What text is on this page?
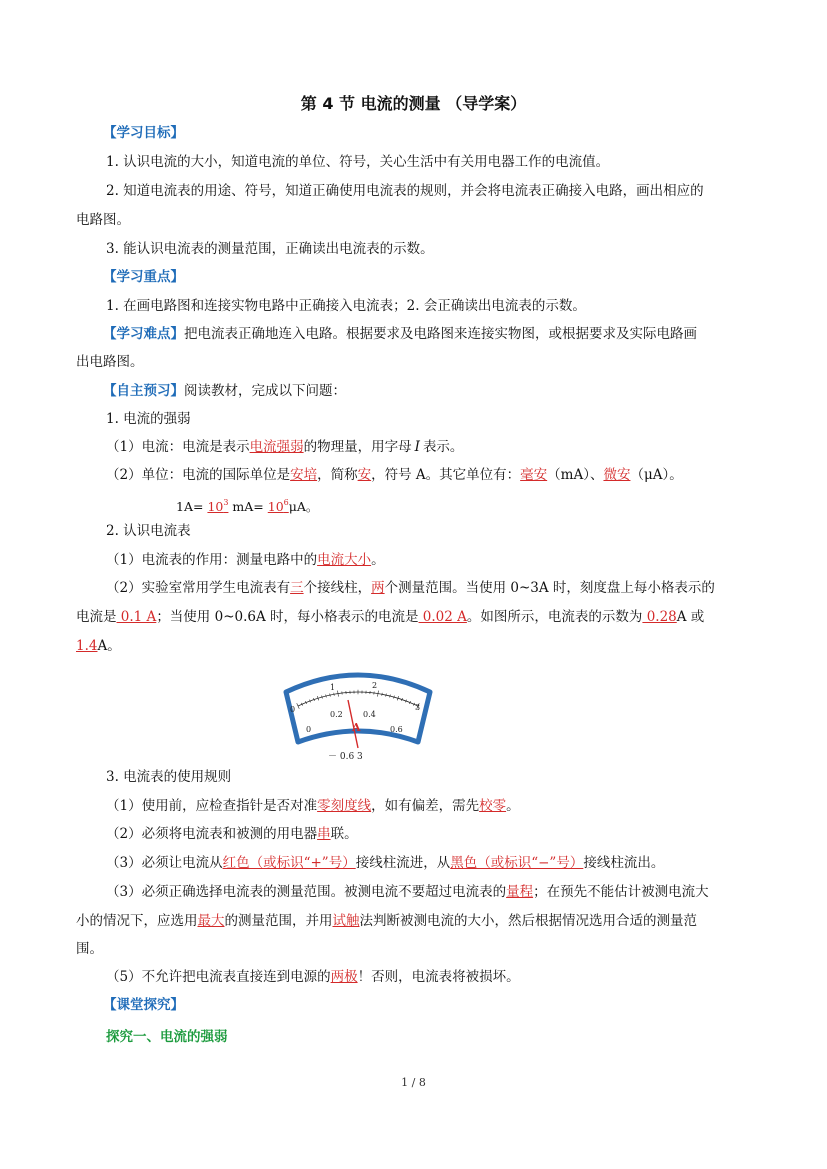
第 4 节 电流的测量 （导学案）
【学习目标】
1. 认识电流的大小，知道电流的单位、符号，关心生活中有关用电器工作的电流值。
2. 知道电流表的用途、符号，知道正确使用电流表的规则，并会将电流表正确接入电路，画出相应的
电路图。
3. 能认识电流表的测量范围，正确读出电流表的示数。
【学习重点】
1. 在画电路图和连接实物电路中正确接入电流表；2. 会正确读出电流表的示数。
【学习难点】把电流表正确地连入电路。根据要求及电路图来连接实物图，或根据要求及实际电路画
出电路图。
【自主预习】阅读教材，完成以下问题：
1. 电流的强弱
（1）电流：电流是表示电流强弱的物理量，用字母 I 表示。
（2）单位：电流的国际单位是安培，简称安，符号 A。其它单位有：毫安（mA）、微安（μA）。
$1A= 10^3$ $mA= 10^6\mu A$。
2. 认识电流表
（1）电流表的作用：测量电路中的电流大小。
（2）实验室常用学生电流表有三个接线柱，两个测量范围。当使用 0~3A 时，刻度盘上每小格表示的
电流是 0.1 A；当使用 0~0.6A 时，每小格表示的电流是 0.02 A。如图所示，电流表的示数为 0.28A 或
1.4A。
0
1	2
3
0
0.2	0.4
0.6
A
－ 0.6 3
3. 电流表的使用规则
（1）使用前，应检查指针是否对准零刻度线，如有偏差，需先校零。
（2）必须将电流表和被测的用电器串联。
（3）必须让电流从红色（或标识“+”号）接线柱流进，从黑色（或标识“−”号）接线柱流出。
（3）必须正确选择电流表的测量范围。被测电流不要超过电流表的量程；在预先不能估计被测电流大
小的情况下，应选用最大的测量范围，并用试触法判断被测电流的大小，然后根据情况选用合适的测量范
围。
（5）不允许把电流表直接连到电源的两极！否则，电流表将被损坏。
【课堂探究】
探究一、电流的强弱
1 / 8
